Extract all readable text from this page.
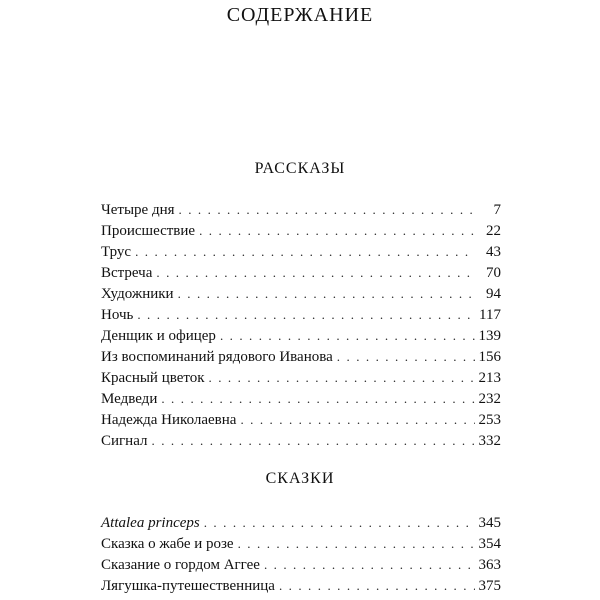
СОДЕРЖАНИЕ
РАССКАЗЫ
Четыре дня . . .	7
Происшествие . . .	22
Трус . . .	43
Встреча . . .	70
Художники . . .	94
Ночь . . .	117
Денщик и офицер . . .	139
Из воспоминаний рядового Иванова . . .	156
Красный цветок . . .	213
Медведи . . .	232
Надежда Николаевна . . .	253
Сигнал . . .	332
СКАЗКИ
Attalea princeps . . .	345
Сказка о жабе и розе . . .	354
Сказание о гордом Аггее . . .	363
Лягушка-путешественница . . .	375
